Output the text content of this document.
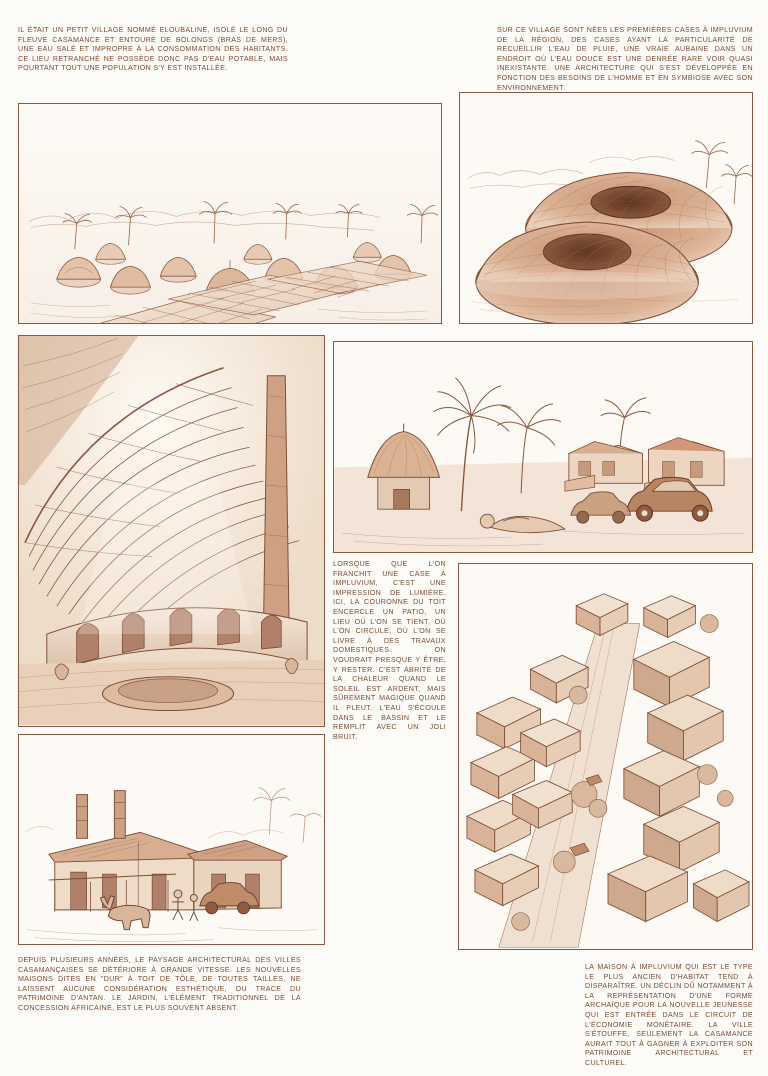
IL ÉTAIT UN PETIT VILLAGE NOMMÉ ELOUBALINE, ISOLÉ LE LONG DU FLEUVE CASAMANCE ET ENTOURÉ DE BOLONGS (BRAS DE MERS), UNE EAU SALÉ ET IMPROPRE À LA CONSOMMATION DES HABITANTS. CE LIEU RETRANCHÉ NE POSSÈDE DONC PAS D'EAU POTABLE, MAIS POURTANT TOUT UNE POPULATION S'Y EST INSTALLÉE.
SUR CE VILLAGE SONT NÉES LES PREMIÈRES CASES À IMPLUVIUM DE LA RÉGION, DES CASES AYANT LA PARTICULARITÉ DE RECUEILLIR L'EAU DE PLUIE, UNE VRAIE AUBAINE DANS UN ENDROIT OÙ L'EAU DOUCE EST UNE DENRÉE RARE VOIR QUASI INEXISTANTE. UNE ARCHITECTURE QUI S'EST DÉVELOPPÉE EN FONCTION DES BESOINS DE L'HOMME ET EN SYMBIOSE AVEC SON ENVIRONNEMENT.
LORSQUE QUE L'ON FRANCHIT UNE CASE À IMPLUVIUM, C'EST UNE IMPRESSION DE LUMIÈRE. ICI, LA COURONNE DU TOIT ENCERCLE UN PATIO, UN LIEU OÙ L'ON SE TIENT, OÙ L'ON CIRCULE, OÙ L'ON SE LIVRE À DES TRAVAUX DOMESTIQUES. ON VOUDRAIT PRESQUE Y ÊTRE, Y RESTER. C'EST ABRITÉ DE LA CHALEUR QUAND LE SOLEIL EST ARDENT, MAIS SÛREMENT MAGIQUE QUAND IL PLEUT. L'EAU S'ÉCOULE DANS LE BASSIN ET LE REMPLIT AVEC UN JOLI BRUIT.
DEPUIS PLUSIEURS ANNÉES, LE PAYSAGE ARCHITECTURAL DES VILLES CASAMANÇAISES SE DÉTÉRIORE À GRANDE VITESSE. LES NOUVELLES MAISONS DITES EN "DUR" À TOIT DE TÔLE, DE TOUTES TAILLES, NE LAISSENT AUCUNE CONSIDÉRATION ESTHÉTIQUE, OU TRACE DU PATRIMOINE D'ANTAN. LE JARDIN, L'ÉLÉMENT TRADITIONNEL DE LA CONCESSION AFRICAINE, EST LE PLUS SOUVENT ABSENT.
LA MAISON À IMPLUVIUM QUI EST LE TYPE LE PLUS ANCIEN D'HABITAT TEND À DISPARAÎTRE. UN DÉCLIN DÛ NOTAMMENT À LA REPRÉSENTATION D'UNE FORME ARCHAÏQUE POUR LA NOUVELLE JEUNESSE QUI EST ENTRÉE DANS LE CIRCUIT DE L'ÉCONOMIE MONÉTAIRE. LA VILLE S'ÉTOUFFE, SEULEMENT LA CASAMANCE AURAIT TOUT À GAGNER À EXPLOITER SON PATRIMOINE ARCHITECTURAL ET CULTUREL.
